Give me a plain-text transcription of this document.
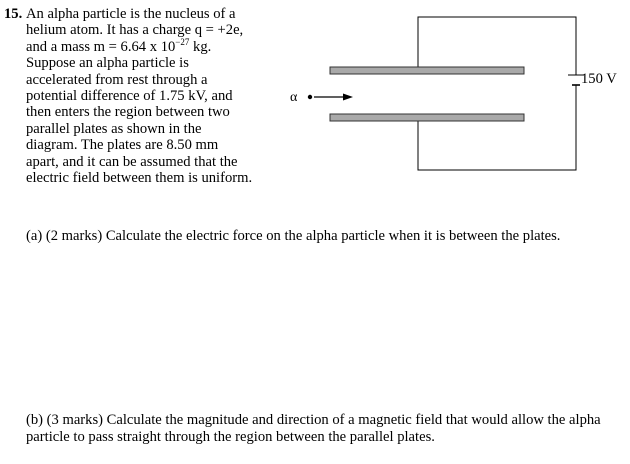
15. An alpha particle is the nucleus of a
helium atom. It has a charge q = +2e,
and a mass m = 6.64 x $10^{-27}$ kg.
Suppose an alpha particle is
accelerated from rest through a
potential difference of 1.75 kV, and
then enters the region between two
parallel plates as shown in the
diagram. The plates are 8.50 mm
apart, and it can be assumed that the
electric field between them is uniform.
α
150 V
(a) (2 marks) Calculate the electric force on the alpha particle when it is between the plates.
(b) (3 marks) Calculate the magnitude and direction of a magnetic field that would allow the alpha particle to pass straight through the region between the parallel plates.
